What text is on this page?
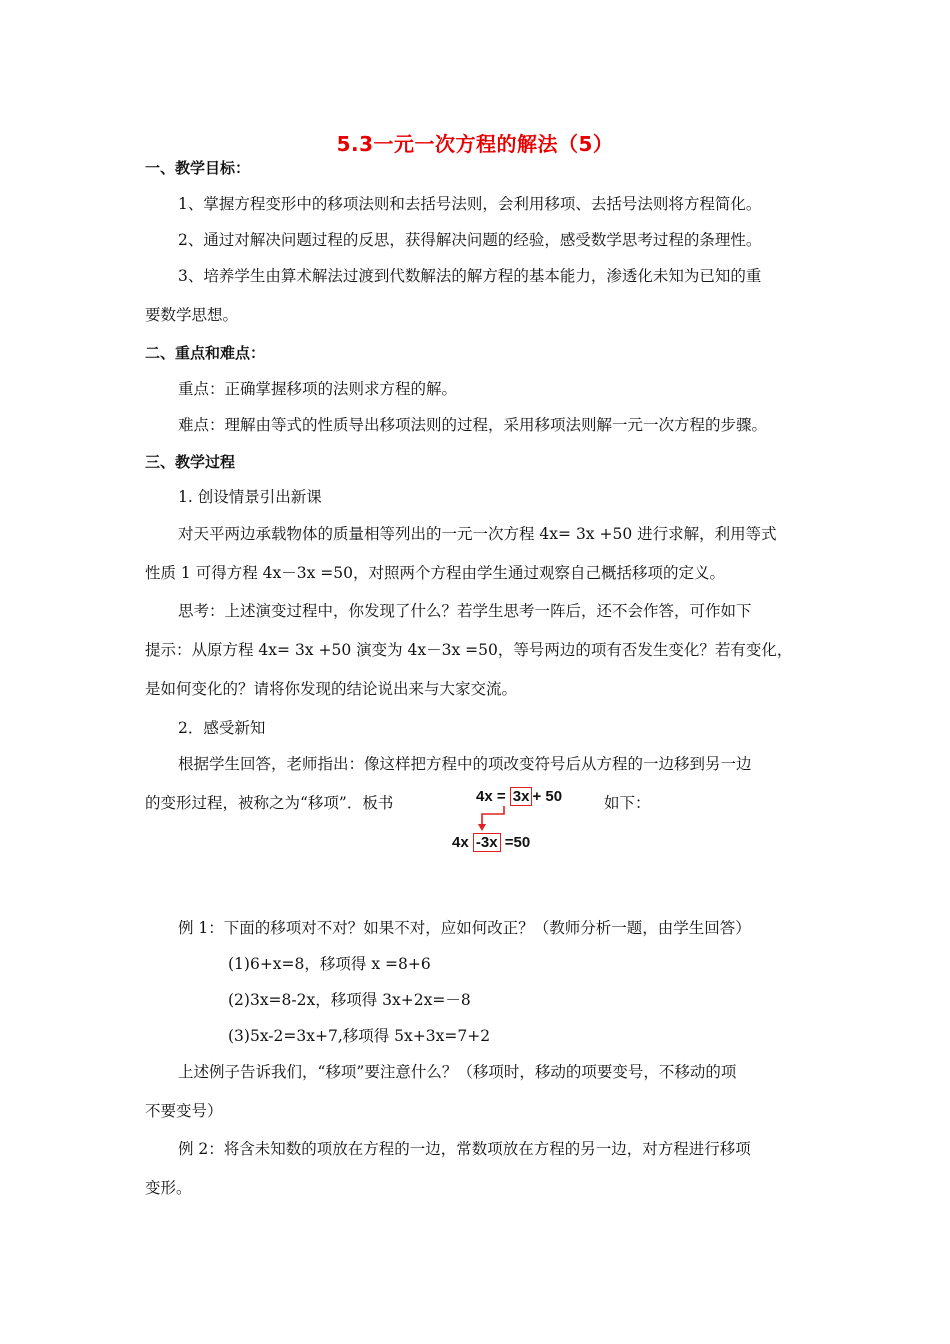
5.3一元一次方程的解法（5）
一、教学目标：
1、掌握方程变形中的移项法则和去括号法则，会利用移项、去括号法则将方程简化。
2、通过对解决问题过程的反思，获得解决问题的经验，感受数学思考过程的条理性。
3、培养学生由算术解法过渡到代数解法的解方程的基本能力，渗透化未知为已知的重
要数学思想。
二、重点和难点：
重点：正确掌握移项的法则求方程的解。
难点：理解由等式的性质导出移项法则的过程，采用移项法则解一元一次方程的步骤。
三、教学过程
1. 创设情景引出新课
对天平两边承载物体的质量相等列出的一元一次方程 4x= 3x +50 进行求解，利用等式
性质 1 可得方程 4x－3x =50，对照两个方程由学生通过观察自己概括移项的定义。
思考：上述演变过程中，你发现了什么？若学生思考一阵后，还不会作答，可作如下
提示：从原方程 4x= 3x +50 演变为 4x－3x =50，等号两边的项有否发生变化？若有变化，
是如何变化的？请将你发现的结论说出来与大家交流。
2．感受新知
根据学生回答，老师指出：像这样把方程中的项改变符号后从方程的一边移到另一边
的变形过程，被称之为“移项”．板书	如下：
4x = 3x + 50
4x -3x =50
例 1：下面的移项对不对？如果不对，应如何改正？（教师分析一题，由学生回答）
(1)6+x=8，移项得 x =8+6
(2)3x=8-2x，移项得 3x+2x=－8
(3)5x-2=3x+7,移项得 5x+3x=7+2
上述例子告诉我们，“移项”要注意什么？（移项时，移动的项要变号，不移动的项
不要变号）
例 2：将含未知数的项放在方程的一边，常数项放在方程的另一边，对方程进行移项
变形。
